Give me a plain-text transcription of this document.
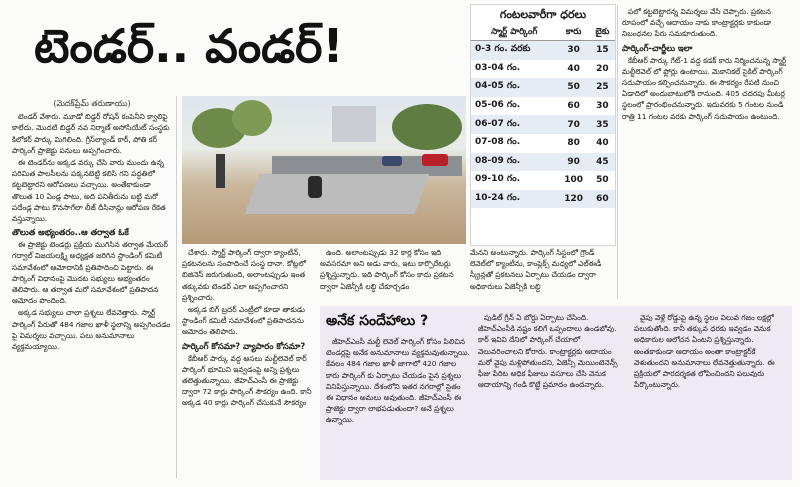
టెండర్.. వండర్!
(మెదక్‌ప్రేమ్ తరుణాయు)

టెండర్ వేశారు. మూడో బిడ్డర్ రోషన్ కంపెనీని క్వాలిఫై కాలేదు. మొదటి బిడ్డర్ నవ నిర్మాణ్ అసోసియేట్ సంస్థకు కిలోకర్ పార్కు మిగిలింది. గ్రీస్‌ల్యాండ్ కార్, పోతి కర్ పార్కింగ్ ప్రాజెక్టు పనులు అప్పగించారు.

ఈ టెండర్‌ను అక్కడ వర్కు చేసి వారు ముందు ఉన్న పరిమిత పాలసీలను పక్కనబెట్టి కలిసి గని పద్ధతిలో కట్టబెట్టారని ఆరోపణలు వచ్చాయి. అంతేకాకుండా తొలుత 10 ఏండ్ల పాటు, అది పనితీరును బట్టి మరో పదేండ్ల పాటు కొనసాగేలా లీజ్ దీసినాన్లు ఆరోపణ రేకెత వస్తున్నాయి.

తొలుత అభ్యంతరం..ఆ తర్వాత ఓకే

ఈ ప్రాజెక్టు టెండర్లు ప్రక్రియ ముగిసిన తర్వాత మేయర్ గద్వాల్ విజయలక్ష్మి అధ్యక్షత జరిగిన స్టాండింగ్ కమిటీ సమావేశంలో ఆమోదానికి ప్రతిపాదించి పెట్టారు. ఈ పార్కింగ్ విధానంపై మొదట సభ్యులు అభ్యంతరం తెలిపారు. ఆ తర్వాత మరో సమావేశంలో ప్రతిపాదన ఆమోదం పొందింది.

అక్కడ సభ్యులు చాలా ప్రశ్నలు లేవనెత్తారు. స్మార్ట్ పార్కింగ్ పేరుతో 484 గజాల ఖాళీ స్థలాన్ని అప్పగించడం పై విమర్శలు వచ్చాయి. పలు అనుమానాలు వ్యక్తమయ్యాయి.

చేశారు. స్మార్ట్ పార్కింగ్ ద్వారా క్యాంటీన్, ప్రకటనలను సంపాదించే సంస్థ దానా. కోట్లలో బిజినెస్ జరుగుతుంది, అలాంటప్పుడు ఇంత తక్కువకు టెండర్ ఎలా అప్పగించారని ప్రశ్నించారు.

అక్కడ బిగ్ బ్రదర్ ఎంట్రీలో కూడా తాకుడు స్టాండింగ్ కమిటీ సమావేశంలో ప్రతిపాదనను ఆమోదం తెలిపారు.

పార్కింగ్ కోసమా? వ్యాపారం కోసమా?

కేబీఆర్ పార్కు వద్ద అసలు మల్టీలెవెల్ కార్ పార్కింగ్ భూమిని ఇవ్వడంపై అన్ని ప్రశ్నలు తలెత్తుతున్నాయి. జీహెచ్ఎంసీ ఈ ప్రాజెక్టు ద్వారా 72 కార్లు పార్కింగ్ సౌకర్యం ఉంది. కానీ అక్కడ 40 కార్లు పార్కింగ్ చేసుకునే సౌకర్యం

ఉంది. అలాంటప్పుడు 32 కార్ల కోసం ఇది అవసరమా అని అడు వారు, ఇటు కార్పొరేటర్లు ప్రశ్నిస్తున్నారు. ఇది పార్కింగ్ కోసం కాదు ప్రకటన ద్వారా ఏజెన్సీకి లబ్ధి చేకూర్చడం

గంటలవారీగా ధరలు
స్మార్ట్ పార్కింగ్	కారు	బైకు
0-3 గం. వరకు	30	15
03-04 గం.	40	20
04-05 గం.	50	25
05-06 గం.	60	30
06-07 గం.	70	35
07-08 గం.	80	40
08-09 గం.	90	45
09-10 గం.	100	50
10-24 గం.	120	60

మేనని అంటున్నారు. పార్కింగ్ సిస్టంలో గ్రౌండ్ లెవెల్‌లో క్యాంటీను, కాంప్లెక్స్ మధ్యలో ఎల్ఈడీ స్క్రీన్లతో ప్రకటనలు ఏర్పాటు చేయడం ద్వారా అధికారులు ఏజెన్సీకి లబ్ధి

పలో కట్టబెట్టారన్న విమర్శలు వేసి చెప్పారు. ప్రకటన రూపంలో వచ్చే ఆదాయం నాకు కాంట్రాక్టర్లకు కాకుండా నిబంధనల పేరు సమకూరుతుంది.

పార్కింగ్-చార్జీలు ఇలా

కేబీఆర్ పార్కు గేట్-1 వద్ద కడక్ కారు నిర్మించనున్న స్మార్ట్ మల్టీలెవెల్ లో ఫ్లోర్లు ఉంటాయి. మెకానికల్ సైకిల్ పార్కింగ్ సదుపాయం కల్పించనున్నారు. ఈ సౌకర్యం రేపటి నుంచి ఏడాదిలో అందుబాటులోకి రానుంది. 405 చదరపు మీటర్ల స్థలంలో ప్రారంభించనున్నారు. ఇదువరకు 5 గంటల నుండి రాత్రి 11 గంటల వరకు పార్కింగ్ సదుపాయం ఉంటుంది.

అనేక సందేహాలు ?

జీహెచ్ఎంసీ మల్టీ లెవెల్ పార్కింగ్ కోసం పిలిచిన టెండర్లపై అనేక అనుమానాలు వ్యక్తమవుతున్నాయి. కేవలం 484 గజాల ఖాళీ జాగాలో 420 గజాల కారు పార్కింగ్ కు ఏర్పాటు చేయడం పైన ప్రశ్నలు వినిపిస్తున్నాయి. దేశంలోని ఇతర నగరాల్లో సైతం ఈ విధానం అమలు అవుతుంది. జీహెచ్ఎంసీ ఈ ప్రాజెక్టు ద్వారా లాభపడుతుందా? అనే ప్రశ్నలు ఉన్నాయి.

పుడిల్ గ్రీన్ ఏ బోర్డు ఏర్పాటు చేసింది. జీహెచ్ఎంసీకి నష్టం కలిగే ఒప్పందాలు ఉండబోవు. కార్ ఇవివి దేనిలో పార్కింగ్ చేయాలో వెలువరించాలని కోరారు. కాంట్రాక్టర్లకు ఆదాయం మరో వైపు మళ్లిపోతుందని, ఏజెన్సీ మెయింటెనెన్స్ ఫీజు పేరిట అధిక ఫీజులు వసూలు చేసి వెనుక ఆదాయాన్ని గండి కొట్టే ప్రమాదం ఉందన్నారు.

వైపు వెళ్లే రోడ్డుపై ఉన్న స్థలం విలువ గజం లక్షల్లో పలుకుతోంది. కానీ తక్కువ ధరకు ఇవ్వడం వెనుక అధికారుల ఆలోచన ఏంటని ప్రశ్నిస్తున్నారు. అంతకాకుండా ఆదాయం అంతా కాంట్రాక్టర్‌కే వెళుతుందని అనుమానాలు లేవనెత్తుతున్నారు. ఈ ప్రక్రియలో పారదర్శకత లోపించిందని పలువురు పేర్కొంటున్నారు.
